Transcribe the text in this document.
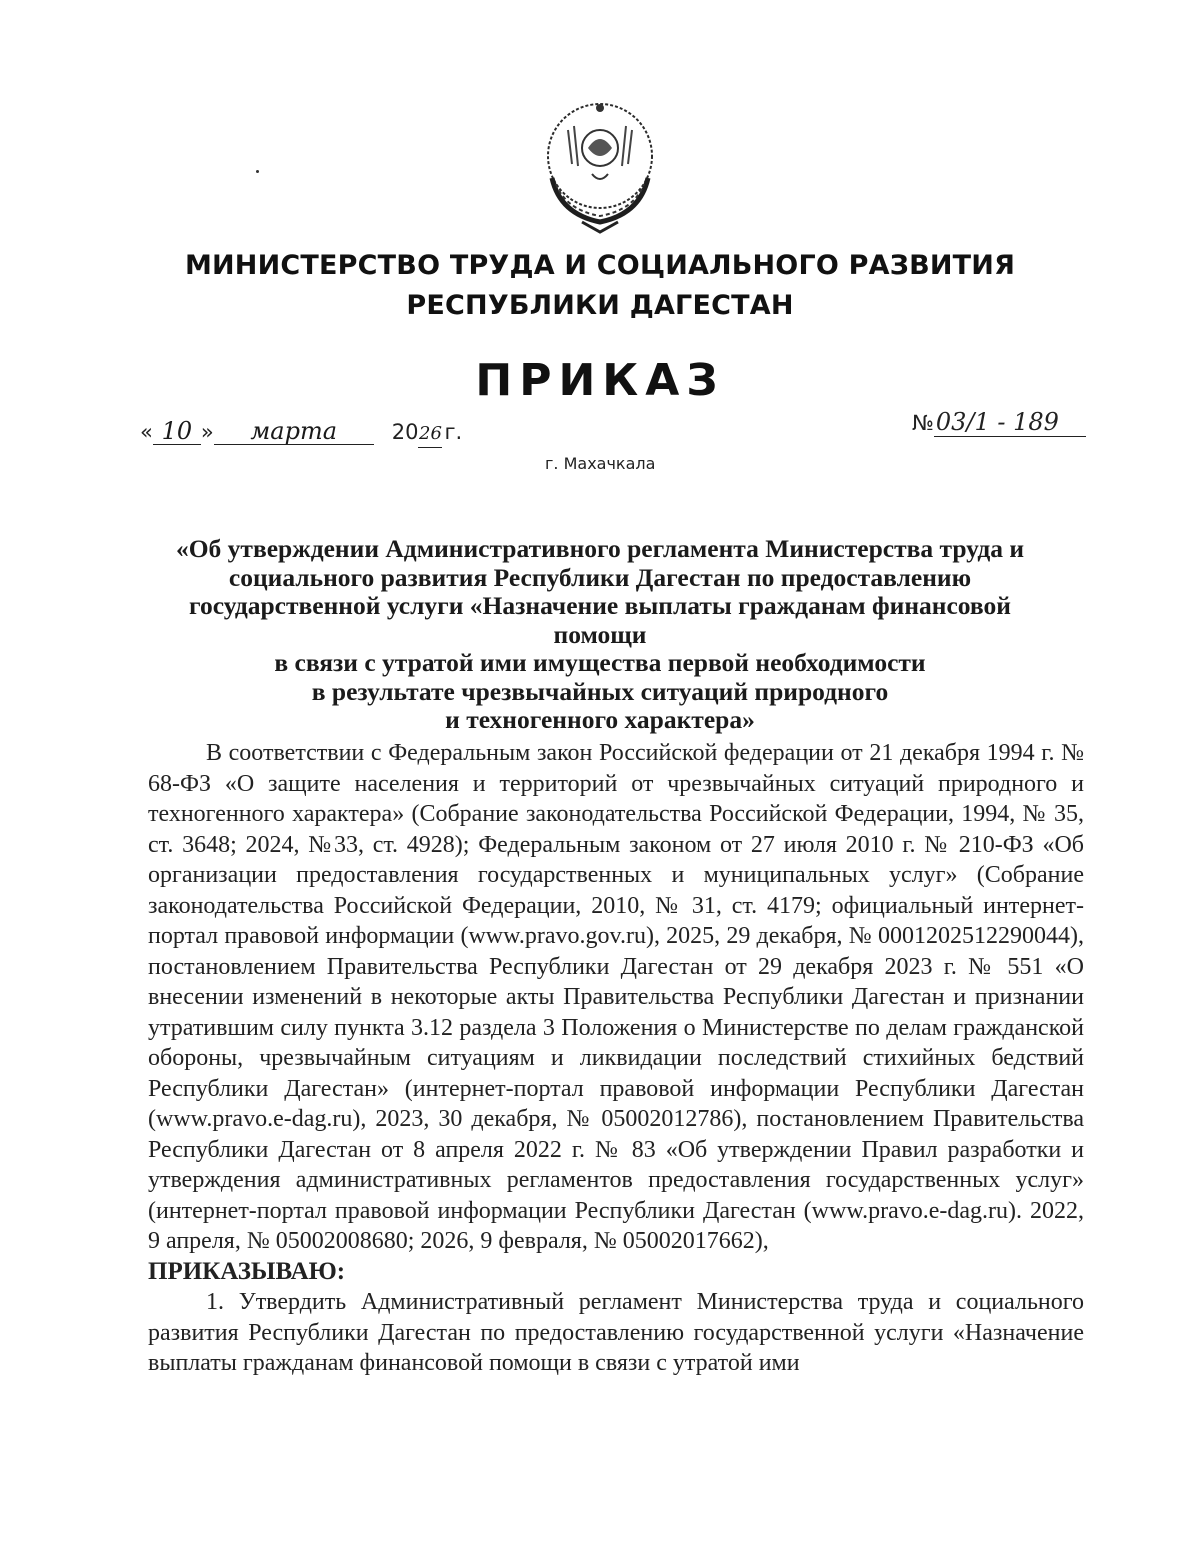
МИНИСТЕРСТВО ТРУДА И СОЦИАЛЬНОГО РАЗВИТИЯ
РЕСПУБЛИКИ ДАГЕСТАН
ПРИКАЗ
« 10 » марта	2026 г.	№03/1 - 189
г. Махачкала
«Об утверждении Административного регламента Министерства труда и
социального развития Республики Дагестан по предоставлению
государственной услуги «Назначение выплаты гражданам финансовой помощи
в связи с утратой ими имущества первой необходимости
в результате чрезвычайных ситуаций природного
и техногенного характера»

В соответствии с Федеральным закон Российской федерации от 21 декабря 1994 г. № 68-ФЗ «О защите населения и территорий от чрезвычайных ситуаций природного и техногенного характера» (Собрание законодательства Российской Федерации, 1994, № 35, ст. 3648; 2024, №33, ст. 4928); Федеральным законом от 27 июля 2010 г. № 210-ФЗ «Об организации предоставления государственных и муниципальных услуг» (Собрание законодательства Российской Федерации, 2010, № 31, ст. 4179; официальный интернет-портал правовой информации (www.pravo.gov.ru), 2025, 29 декабря, № 0001202512290044), постановлением Правительства Республики Дагестан от 29 декабря 2023 г. № 551 «О внесении изменений в некоторые акты Правительства Республики Дагестан и признании утратившим силу пункта 3.12 раздела 3 Положения о Министерстве по делам гражданской обороны, чрезвычайным ситуациям и ликвидации последствий стихийных бедствий Республики Дагестан» (интернет-портал правовой информации Республики Дагестан (www.pravo.e-dag.ru), 2023, 30 декабря, № 05002012786), постановлением Правительства Республики Дагестан от 8 апреля 2022 г. № 83 «Об утверждении Правил разработки и утверждения административных регламентов предоставления государственных услуг» (интернет-портал правовой информации Республики Дагестан (www.pravo.e-dag.ru). 2022, 9 апреля, № 05002008680; 2026, 9 февраля, № 05002017662),

ПРИКАЗЫВАЮ:

1. Утвердить Административный регламент Министерства труда и социального развития Республики Дагестан по предоставлению государственной услуги «Назначение выплаты гражданам финансовой помощи в связи с утратой ими
